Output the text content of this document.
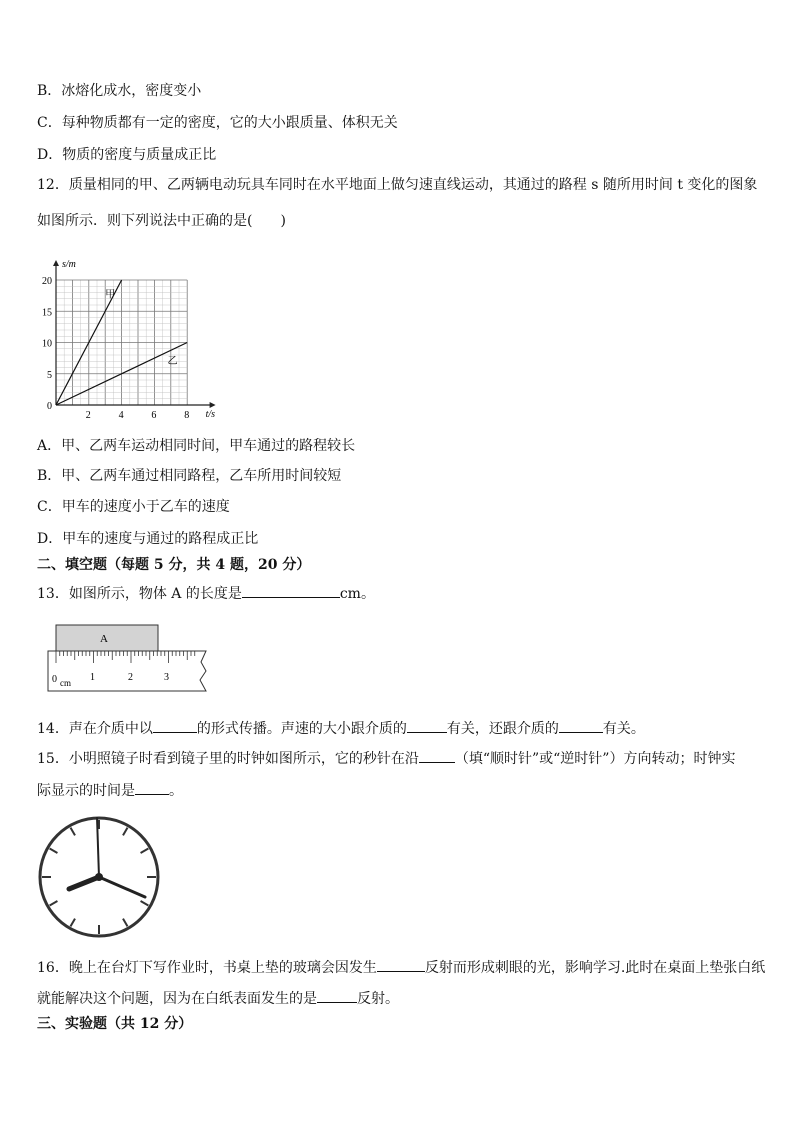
B．冰熔化成水，密度变小
C．每种物质都有一定的密度，它的大小跟质量、体积无关
D．物质的密度与质量成正比
12．质量相同的甲、乙两辆电动玩具车同时在水平地面上做匀速直线运动，其通过的路程 s 随所用时间 t 变化的图象
如图所示．则下列说法中正确的是(　　)
甲
乙
2	4	6	8
5
10
15
20
0
t/s
s/m
A．甲、乙两车运动相同时间，甲车通过的路程较长
B．甲、乙两车通过相同路程，乙车所用时间较短
C．甲车的速度小于乙车的速度
D．甲车的速度与通过的路程成正比
二、填空题（每题 5 分，共 4 题，20 分）
13．如图所示，物体 A 的长度是	cm。
A
0 cm 1	2	3
14．声在介质中以	的形式传播。声速的大小跟介质的	有关，还跟介质的	有关。
15．小明照镜子时看到镜子里的时钟如图所示，它的秒针在沿	（填“顺时针”或“逆时针”）方向转动；时钟实
际显示的时间是 。
16．晚上在台灯下写作业时，书桌上垫的玻璃会因发生	反射而形成刺眼的光，影响学习.此时在桌面上垫张白纸
就能解决这个问题，因为在白纸表面发生的是	反射。
三、实验题（共 12 分）
